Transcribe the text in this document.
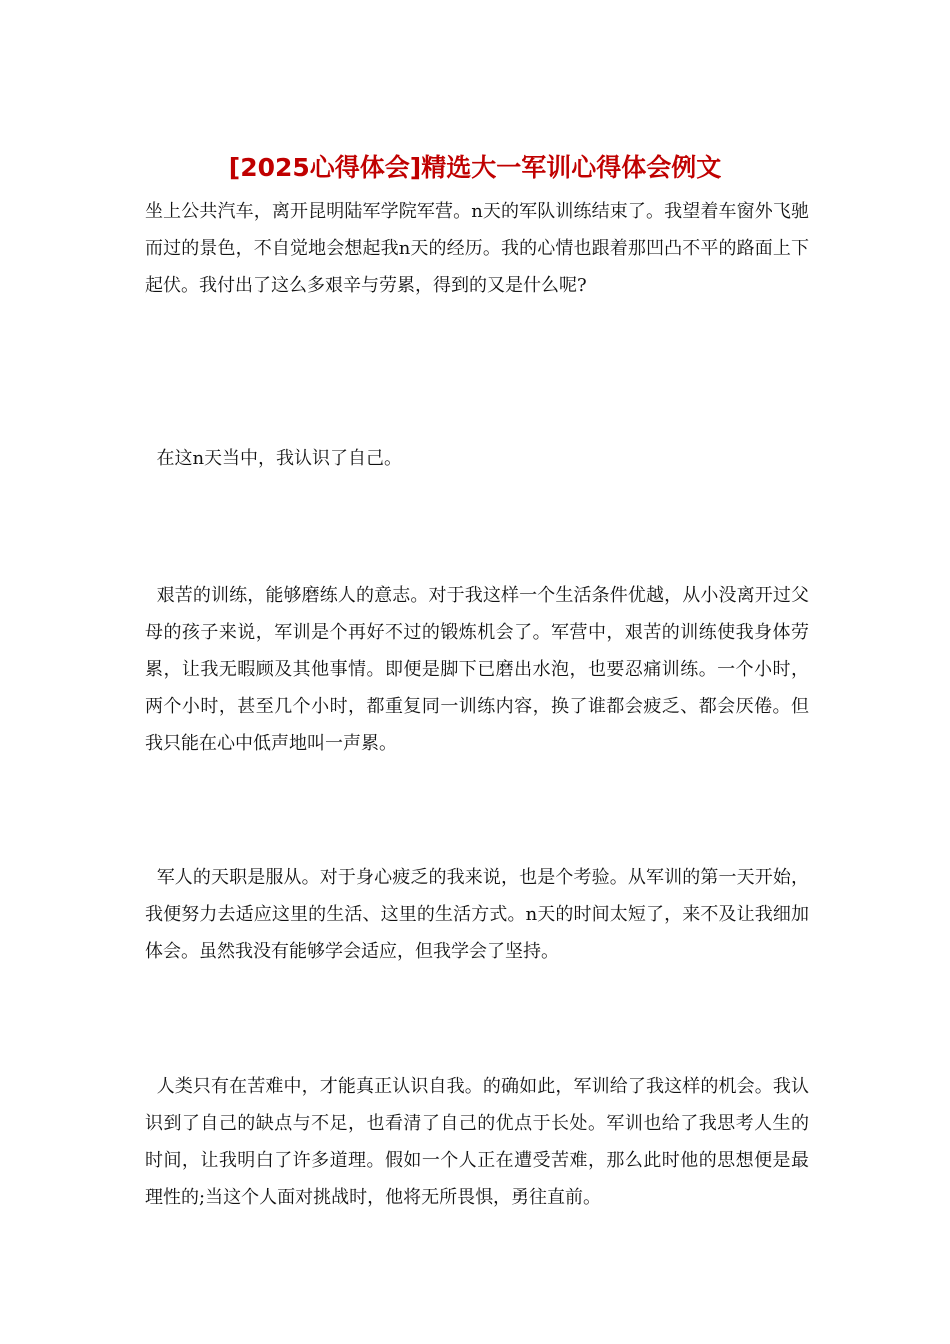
[2025心得体会]精选大一军训心得体会例文

坐上公共汽车，离开昆明陆军学院军营。n天的军队训练结束了。我望着车窗外飞驰而过的景色，不自觉地会想起我n天的经历。我的心情也跟着那凹凸不平的路面上下起伏。我付出了这么多艰辛与劳累，得到的又是什么呢?

在这n天当中，我认识了自己。

艰苦的训练，能够磨练人的意志。对于我这样一个生活条件优越，从小没离开过父母的孩子来说，军训是个再好不过的锻炼机会了。军营中，艰苦的训练使我身体劳累，让我无暇顾及其他事情。即便是脚下已磨出水泡，也要忍痛训练。一个小时，两个小时，甚至几个小时，都重复同一训练内容，换了谁都会疲乏、都会厌倦。但我只能在心中低声地叫一声累。

军人的天职是服从。对于身心疲乏的我来说，也是个考验。从军训的第一天开始，我便努力去适应这里的生活、这里的生活方式。n天的时间太短了，来不及让我细加体会。虽然我没有能够学会适应，但我学会了坚持。

人类只有在苦难中，才能真正认识自我。的确如此，军训给了我这样的机会。我认识到了自己的缺点与不足，也看清了自己的优点于长处。军训也给了我思考人生的时间，让我明白了许多道理。假如一个人正在遭受苦难，那么此时他的思想便是最理性的;当这个人面对挑战时，他将无所畏惧，勇往直前。
